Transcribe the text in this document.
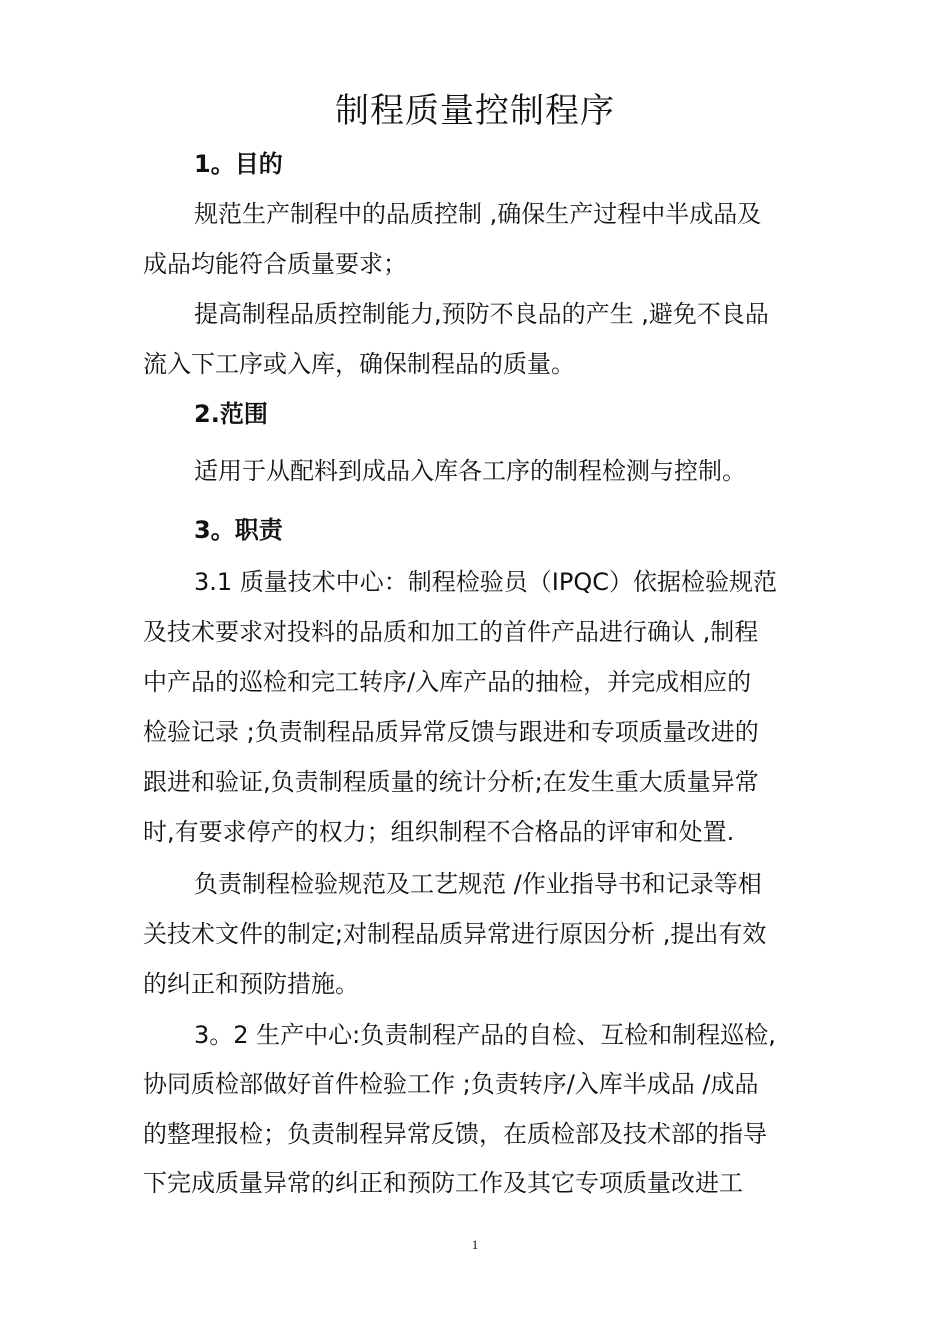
制程质量控制程序
1。目的

规范生产制程中的品质控制 ,确保生产过程中半成品及

成品均能符合质量要求；

提高制程品质控制能力,预防不良品的产生 ,避免不良品

流入下工序或入库，确保制程品的质量。

2.范围

适用于从配料到成品入库各工序的制程检测与控制。

3。职责

3.1 质量技术中心：制程检验员（IPQC）依据检验规范

及技术要求对投料的品质和加工的首件产品进行确认 ,制程

中产品的巡检和完工转序/入库产品的抽检，并完成相应的

检验记录 ;负责制程品质异常反馈与跟进和专项质量改进的

跟进和验证,负责制程质量的统计分析;在发生重大质量异常

时,有要求停产的权力；组织制程不合格品的评审和处置.

负责制程检验规范及工艺规范 /作业指导书和记录等相

关技术文件的制定;对制程品质异常进行原因分析 ,提出有效

的纠正和预防措施。

3。2 生产中心:负责制程产品的自检、互检和制程巡检,

协同质检部做好首件检验工作 ;负责转序/入库半成品 /成品

的整理报检；负责制程异常反馈，在质检部及技术部的指导

下完成质量异常的纠正和预防工作及其它专项质量改进工

1
